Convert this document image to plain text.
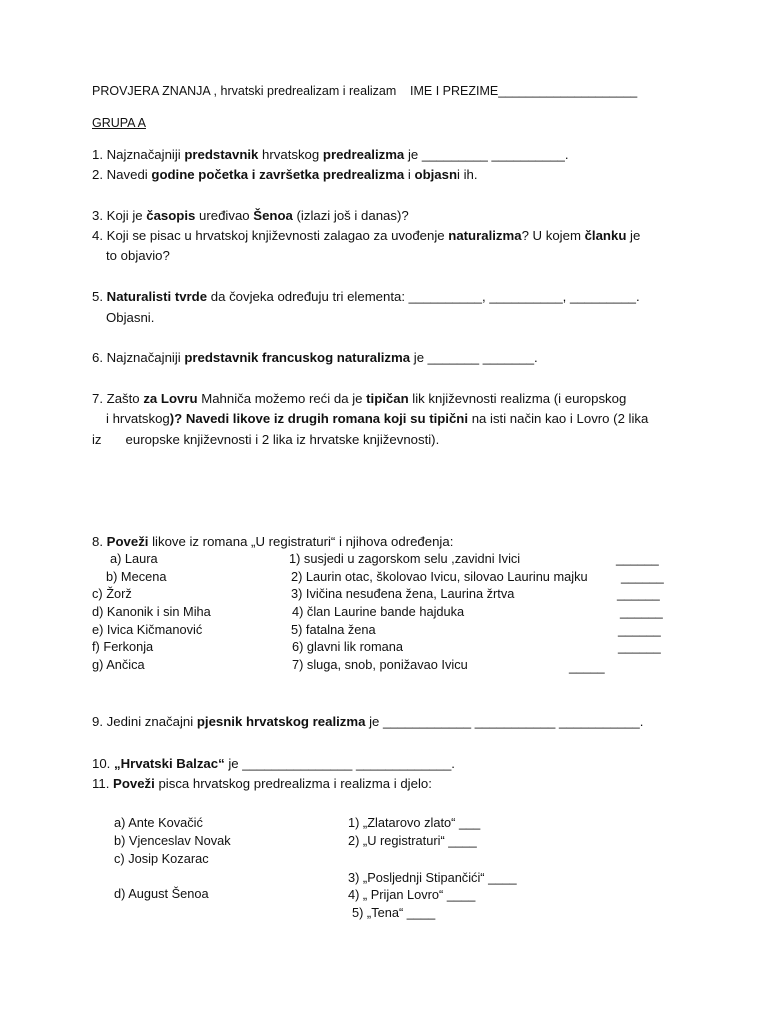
PROVJERA ZNANJA , hrvatski predrealizam i realizam IME I PREZIME____________________
GRUPA A
1. Najznačajniji predstavnik hrvatskog predrealizma je _________ __________.
2. Navedi godine početka i završetka predrealizma i objasni ih.
3. Koji je časopis uređivao Šenoa (izlazi još i danas)?
4. Koji se pisac u hrvatskoj književnosti zalagao za uvođenje naturalizma? U kojem članku je
to objavio?
5. Naturalisti tvrde da čovjeka određuju tri elementa: __________, __________, _________.
Objasni.
6. Najznačajniji predstavnik francuskog naturalizma je _______ _______.
7. Zašto za Lovru Mahniča možemo reći da je tipičan lik književnosti realizma (i europskog
i hrvatskog)? Navedi likove iz drugih romana koji su tipični na isti način kao i Lovro (2 lika
iz europske književnosti i 2 lika iz hrvatske književnosti).
8. Poveži likove iz romana „U registraturi“ i njihova određenja:
a) Laura
b) Mecena
c) Žorž
d) Kanonik i sin Miha
e) Ivica Kičmanović
f) Ferkonja
g) Ančica
1) susjedi u zagorskom selu ,zavidni Ivici
2) Laurin otac, školovao Ivicu, silovao Laurinu majku
3) Ivičina nesuđena žena, Laurina žrtva
4) član Laurine bande hajduka
5) fatalna žena
6) glavni lik romana
7) sluga, snob, ponižavao Ivicu
______
______
______
______
______
______
_____
9. Jedini značajni pjesnik hrvatskog realizma je ____________ ___________ ___________.
10. „Hrvatski Balzac“ je _______________ _____________.
11. Poveži pisca hrvatskog predrealizma i realizma i djelo:
a) Ante Kovačić
b) Vjenceslav Novak
c) Josip Kozarac
d) August Šenoa
1) „Zlatarovo zlato“ ___
2) „U registraturi“ ____
3) „Posljednji Stipančići“ ____
4) „ Prijan Lovro“ ____
5) „Tena“ ____
